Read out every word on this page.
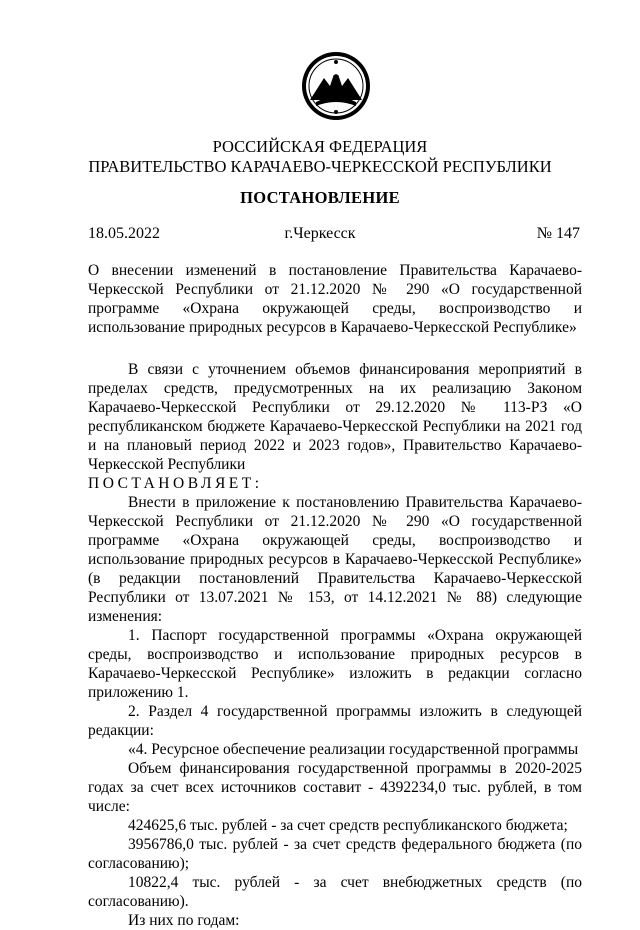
РОССИЙСКАЯ ФЕДЕРАЦИЯ
ПРАВИТЕЛЬСТВО КАРАЧАЕВО-ЧЕРКЕССКОЙ РЕСПУБЛИКИ
ПОСТАНОВЛЕНИЕ
18.05.2022	г.Черкесск	№ 147
О внесении изменений в постановление Правительства Карачаево-Черкесской Республики от 21.12.2020 № 290 «О государственной программе «Охрана окружающей среды, воспроизводство и использование природных ресурсов в Карачаево-Черкесской Республике»

В связи с уточнением объемов финансирования мероприятий в пределах средств, предусмотренных на их реализацию Законом Карачаево-Черкесской Республики от 29.12.2020 № 113-РЗ «О республиканском бюджете Карачаево-Черкесской Республики на 2021 год и на плановый период 2022 и 2023 годов», Правительство Карачаево-Черкесской Республики

ПОСТАНОВЛЯЕТ:

Внести в приложение к постановлению Правительства Карачаево-Черкесской Республики от 21.12.2020 № 290 «О государственной программе «Охрана окружающей среды, воспроизводство и использование природных ресурсов в Карачаево-Черкесской Республике» (в редакции постановлений Правительства Карачаево-Черкесской Республики от 13.07.2021 № 153, от 14.12.2021 № 88) следующие изменения:

1. Паспорт государственной программы «Охрана окружающей среды, воспроизводство и использование природных ресурсов в Карачаево-Черкесской Республике» изложить в редакции согласно приложению 1.

2. Раздел 4 государственной программы изложить в следующей редакции:

«4. Ресурсное обеспечение реализации государственной программы

Объем финансирования государственной программы в 2020-2025 годах за счет всех источников составит - 4392234,0 тыс. рублей, в том числе:

424625,6 тыс. рублей - за счет средств республиканского бюджета;

3956786,0 тыс. рублей - за счет средств федерального бюджета (по согласованию);

10822,4 тыс. рублей - за счет внебюджетных средств (по согласованию).

Из них по годам:
